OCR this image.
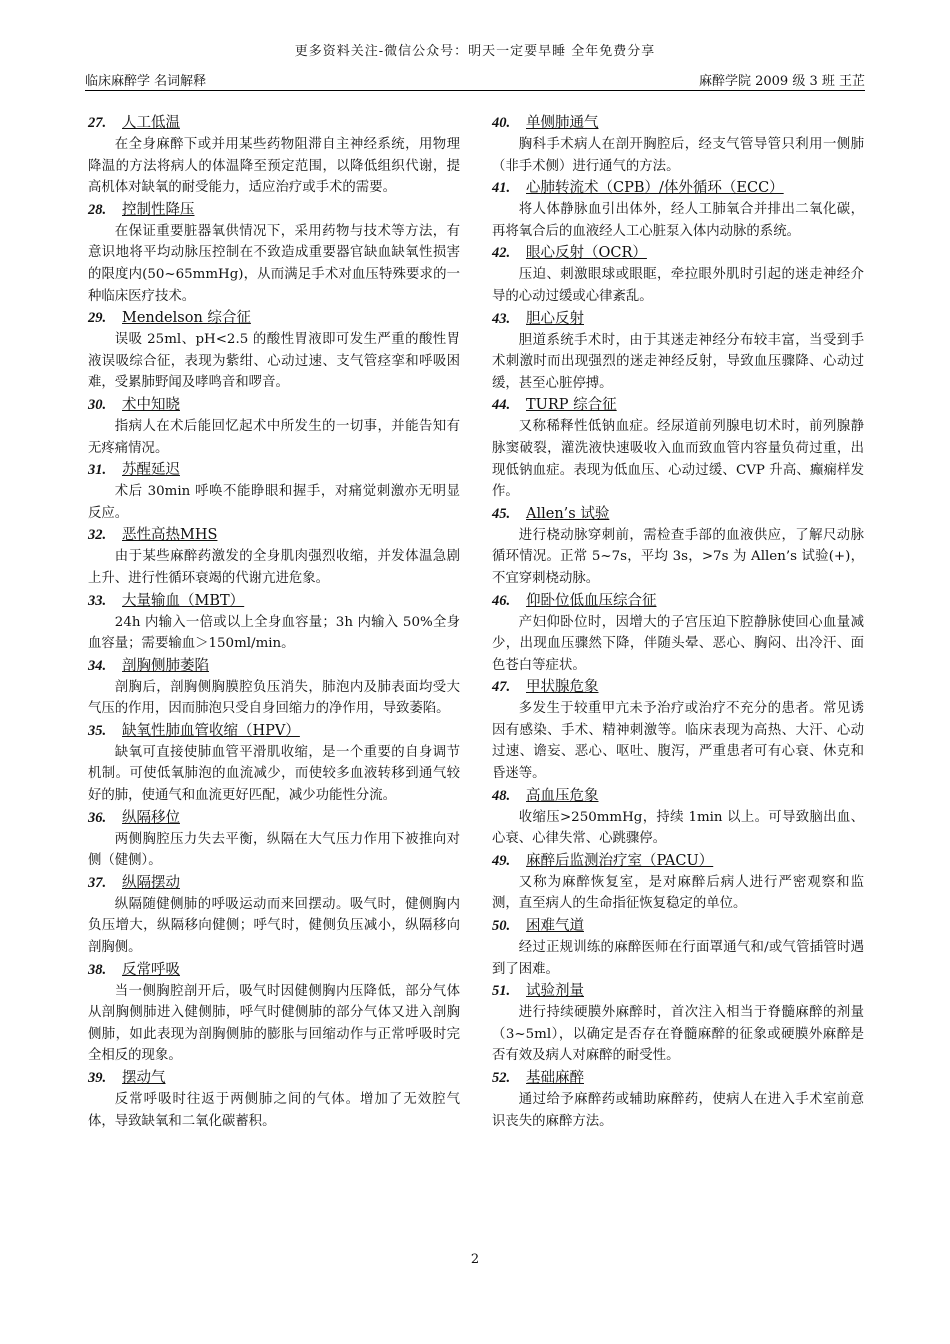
更多资料关注-微信公众号：明天一定要早睡 全年免费分享
临床麻醉学 名词解释	麻醉学院 2009 级 3 班 王芷
27. 人工低温
在全身麻醉下或并用某些药物阻滞自主神经系统，用物理降温的方法将病人的体温降至预定范围，以降低组织代谢，提高机体对缺氧的耐受能力，适应治疗或手术的需要。
28. 控制性降压
在保证重要脏器氧供情况下，采用药物与技术等方法，有意识地将平均动脉压控制在不致造成重要器官缺血缺氧性损害的限度内(50~65mmHg)，从而满足手术对血压特殊要求的一种临床医疗技术。
29. Mendelson 综合征
误吸 25ml、pH<2.5 的酸性胃液即可发生严重的酸性胃液误吸综合征，表现为紫绀、心动过速、支气管痉挛和呼吸困难，受累肺野闻及哮鸣音和啰音。
30. 术中知晓
指病人在术后能回忆起术中所发生的一切事，并能告知有无疼痛情况。
31. 苏醒延迟
术后 30min 呼唤不能睁眼和握手，对痛觉刺激亦无明显反应。
32. 恶性高热MHS
由于某些麻醉药激发的全身肌肉强烈收缩，并发体温急剧上升、进行性循环衰竭的代谢亢进危象。
33. 大量输血（MBT）
24h 内输入一倍或以上全身血容量；3h 内输入 50%全身血容量；需要输血＞150ml/min。
34. 剖胸侧肺萎陷
剖胸后，剖胸侧胸膜腔负压消失，肺泡内及肺表面均受大气压的作用，因而肺泡只受自身回缩力的净作用，导致萎陷。
35. 缺氧性肺血管收缩（HPV）
缺氧可直接使肺血管平滑肌收缩，是一个重要的自身调节机制。可使低氧肺泡的血流减少，而使较多血液转移到通气较好的肺，使通气和血流更好匹配，减少功能性分流。
36. 纵隔移位
两侧胸腔压力失去平衡，纵隔在大气压力作用下被推向对侧（健侧）。
37. 纵隔摆动
纵隔随健侧肺的呼吸运动而来回摆动。吸气时，健侧胸内负压增大，纵隔移向健侧；呼气时，健侧负压减小，纵隔移向剖胸侧。
38. 反常呼吸
当一侧胸腔剖开后，吸气时因健侧胸内压降低，部分气体从剖胸侧肺进入健侧肺，呼气时健侧肺的部分气体又进入剖胸侧肺，如此表现为剖胸侧肺的膨胀与回缩动作与正常呼吸时完全相反的现象。
39. 摆动气
反常呼吸时往返于两侧肺之间的气体。增加了无效腔气体，导致缺氧和二氧化碳蓄积。
40. 单侧肺通气
胸科手术病人在剖开胸腔后，经支气管导管只利用一侧肺（非手术侧）进行通气的方法。
41. 心肺转流术（CPB）/体外循环（ECC）
将人体静脉血引出体外，经人工肺氧合并排出二氧化碳，再将氧合后的血液经人工心脏泵入体内动脉的系统。
42. 眼心反射（OCR）
压迫、刺激眼球或眼眶，牵拉眼外肌时引起的迷走神经介导的心动过缓或心律紊乱。
43. 胆心反射
胆道系统手术时，由于其迷走神经分布较丰富，当受到手术刺激时而出现强烈的迷走神经反射，导致血压骤降、心动过缓，甚至心脏停搏。
44. TURP 综合征
又称稀释性低钠血症。经尿道前列腺电切术时，前列腺静脉窦破裂，灌洗液快速吸收入血而致血管内容量负荷过重，出现低钠血症。表现为低血压、心动过缓、CVP 升高、癫痫样发作。
45. Allen’s 试验
进行桡动脉穿刺前，需检查手部的血液供应，了解尺动脉循环情况。正常 5~7s，平均 3s，>7s 为 Allen’s 试验(+)，不宜穿刺桡动脉。
46. 仰卧位低血压综合征
产妇仰卧位时，因增大的子宫压迫下腔静脉使回心血量减少，出现血压骤然下降，伴随头晕、恶心、胸闷、出冷汗、面色苍白等症状。
47. 甲状腺危象
多发生于较重甲亢未予治疗或治疗不充分的患者。常见诱因有感染、手术、精神刺激等。临床表现为高热、大汗、心动过速、谵妄、恶心、呕吐、腹泻，严重患者可有心衰、休克和昏迷等。
48. 高血压危象
收缩压>250mmHg，持续 1min 以上。可导致脑出血、心衰、心律失常、心跳骤停。
49. 麻醉后监测治疗室（PACU）
又称为麻醉恢复室，是对麻醉后病人进行严密观察和监测，直至病人的生命指征恢复稳定的单位。
50. 困难气道
经过正规训练的麻醉医师在行面罩通气和/或气管插管时遇到了困难。
51. 试验剂量
进行持续硬膜外麻醉时，首次注入相当于脊髓麻醉的剂量（3~5ml），以确定是否存在脊髓麻醉的征象或硬膜外麻醉是否有效及病人对麻醉的耐受性。
52. 基础麻醉
通过给予麻醉药或辅助麻醉药，使病人在进入手术室前意识丧失的麻醉方法。
2
